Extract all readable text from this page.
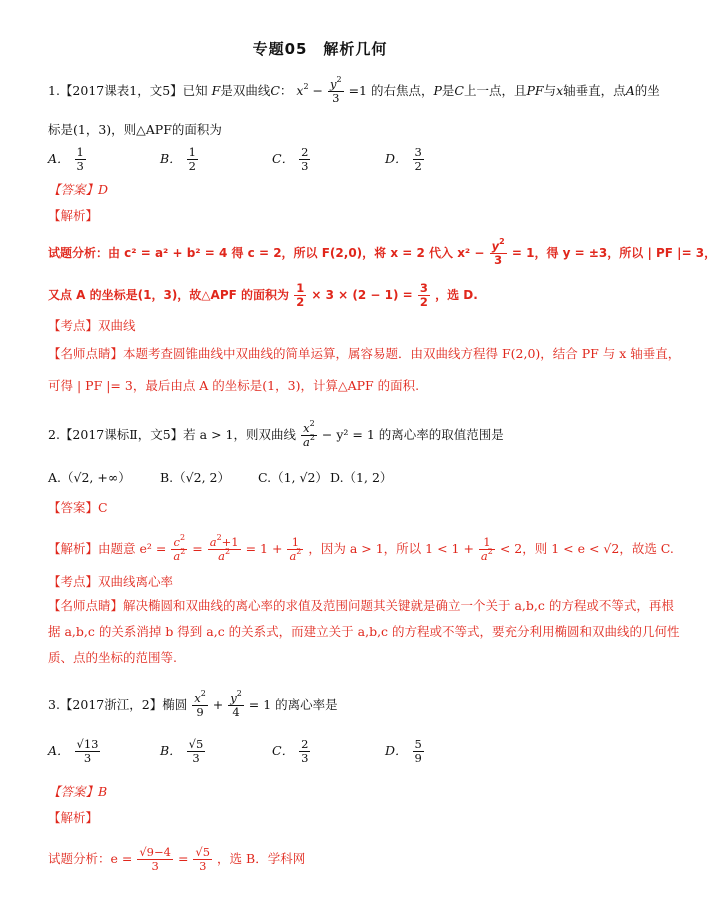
专题05　解析几何
1.【2017课表1，文5】已知 F是双曲线C： $x^2 - \frac{y^2}{3} =1$ 的右焦点，P是C上一点，且PF与x轴垂直，点A的坐
标是(1，3)，则△APF的面积为
A． $\frac{1}{3}$	B． $\frac{1}{2}$	C． $\frac{2}{3}$	D． $\frac{3}{2}$
【答案】D
【解析】
试题分析：由 c² = a² + b² = 4 得 c = 2，所以 F(2,0)，将 x = 2 代入 $x^2 - \frac{y^2}{3} = 1$，得 y = ±3，所以 | PF |= 3，
又点 A 的坐标是(1，3)，故△APF 的面积为 $\frac{1}{2} \times 3 \times (2 - 1) = \frac{3}{2}$ ，选 D.
【考点】双曲线
【名师点睛】本题考查圆锥曲线中双曲线的简单运算，属容易题．由双曲线方程得 F(2,0)，结合 PF 与 x 轴垂直，
可得 | PF |= 3，最后由点 A 的坐标是(1，3)，计算△APF 的面积.
2.【2017课标Ⅱ，文5】若 a > 1，则双曲线 $\frac{x^2}{a^2} - y^2 = 1$ 的离心率的取值范围是
A.（√2, +∞） B.（√2, 2） C.（1, √2） D.（1, 2）
【答案】C
【解析】由题意 $e^2 = \frac{c^2}{a^2} = \frac{a^2+1}{a^2} = 1 + \frac{1}{a^2}$ ，因为 a > 1，所以 $1 < 1 + \frac{1}{a^2} < 2$，则 1 < e < √2，故选 C.
【考点】双曲线离心率
【名师点睛】解决椭圆和双曲线的离心率的求值及范围问题其关键就是确立一个关于 a,b,c 的方程或不等式，再根
据 a,b,c 的关系消掉 b 得到 a,c 的关系式，而建立关于 a,b,c 的方程或不等式，要充分利用椭圆和双曲线的几何性
质、点的坐标的范围等.
3.【2017浙江，2】椭圆 $\frac{x^2}{9} + \frac{y^2}{4} = 1$ 的离心率是
A． $\frac{√13}{3}$	B． $\frac{√5}{3}$	C． $\frac{2}{3}$	D． $\frac{5}{9}$
【答案】B
【解析】
试题分析：$e = \frac{√9-4}{3} = \frac{√5}{3}$ ，选 B．学科网
